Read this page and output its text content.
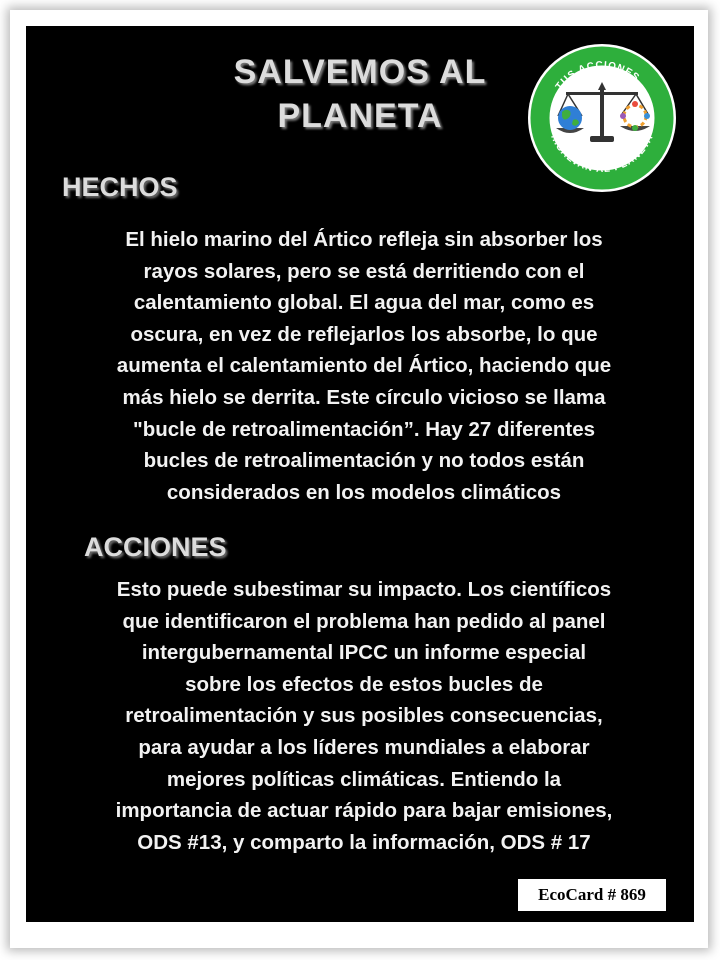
SALVEMOS AL
PLANETA
TUS ACCIONES...
...SALVAN AL PLANETA
HECHOS
El hielo marino del Ártico refleja sin absorber los
rayos solares, pero se está derritiendo con el
calentamiento global. El agua del mar, como es
oscura, en vez de reflejarlos los absorbe, lo que
aumenta el calentamiento del Ártico, haciendo que
más hielo se derrita. Este círculo vicioso se llama
"bucle de retroalimentación”. Hay 27 diferentes
bucles de retroalimentación y no todos están
considerados en los modelos climáticos
ACCIONES
Esto puede subestimar su impacto. Los científicos
que identificaron el problema han pedido al panel
intergubernamental IPCC un informe especial
sobre los efectos de estos bucles de
retroalimentación y sus posibles consecuencias,
para ayudar a los líderes mundiales a elaborar
mejores políticas climáticas. Entiendo la
importancia de actuar rápido para bajar emisiones,
ODS #13, y comparto la información, ODS # 17
EcoCard # 869
